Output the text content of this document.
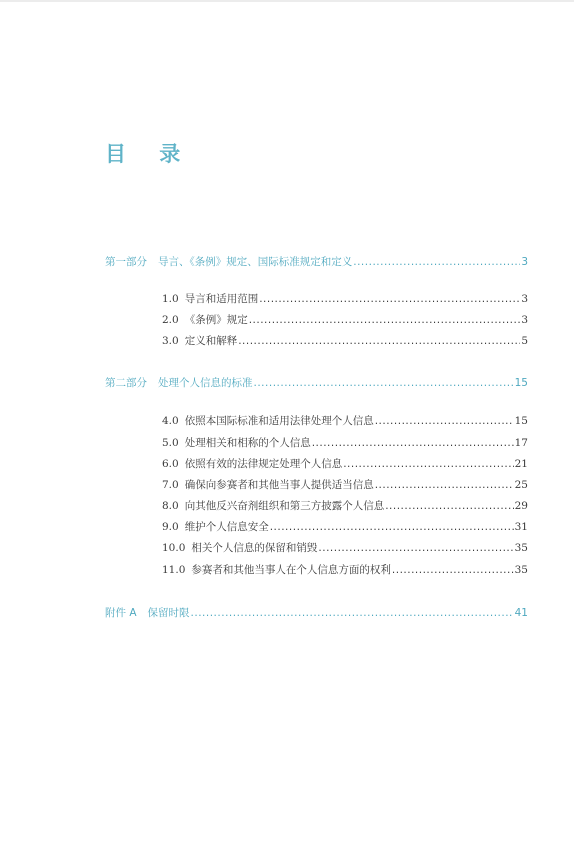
目 录
第一部分 导言、《条例》规定、国际标准规定和定义 .....	3
1.0 导言和适用范围 .....	3
2.0 《条例》规定 .....	3
3.0 定义和解释 .....	5
第二部分 处理个人信息的标准 .....	15
4.0 依照本国际标准和适用法律处理个人信息 .....	15
5.0 处理相关和相称的个人信息 .....	17
6.0 依照有效的法律规定处理个人信息 .....	21
7.0 确保向参赛者和其他当事人提供适当信息 .....	25
8.0 向其他反兴奋剂组织和第三方披露个人信息 .....	29
9.0 维护个人信息安全 .....	31
10.0 相关个人信息的保留和销毁 .....	35
11.0 参赛者和其他当事人在个人信息方面的权利 .....	35
附件 A 保留时限 .....	41
